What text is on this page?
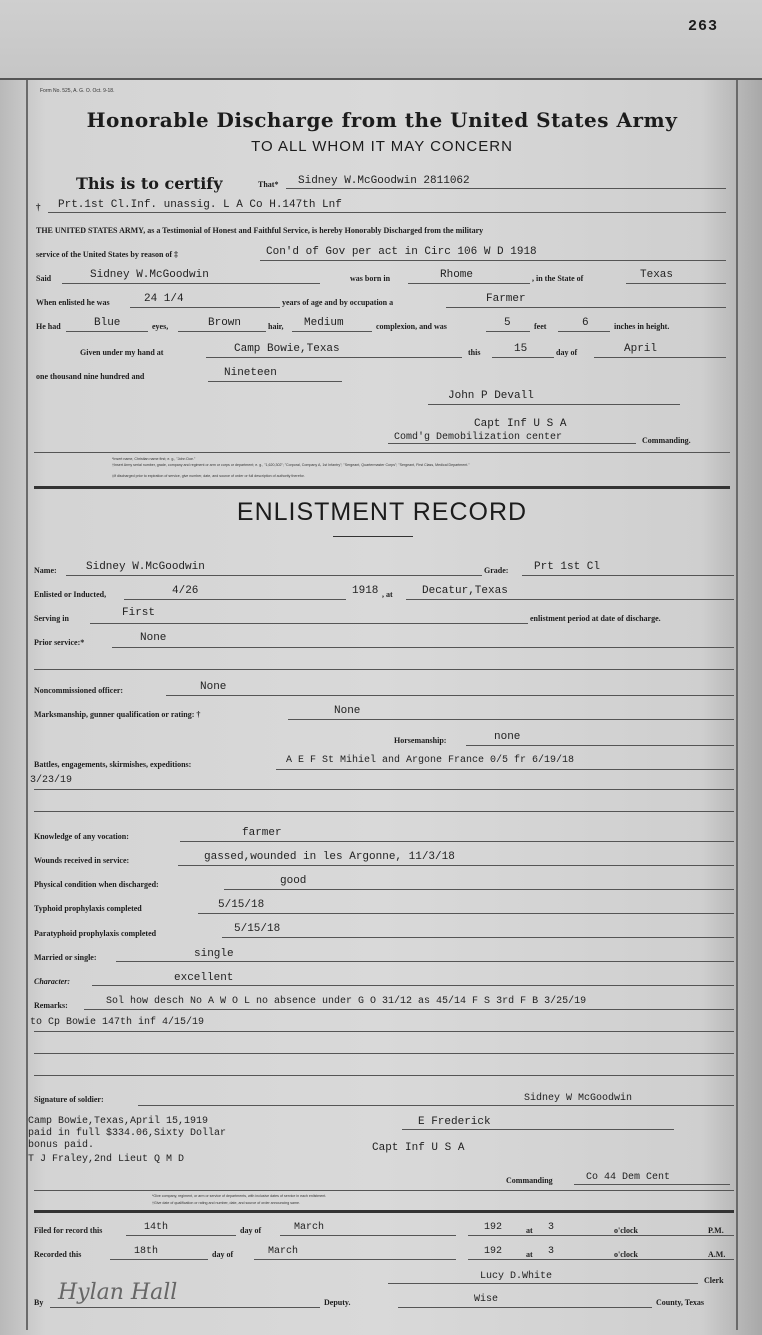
263
Form No. 525, A. G. O. Oct. 9-18.
Honorable Discharge from the United States Army
TO ALL WHOM IT MAY CONCERN
This is to certify	That* Sidney W.McGoodwin 2811062
† Prt.1st Cl.Inf. unassig. L A Co H.147th Lnf
THE UNITED STATES ARMY, as a Testimonial of Honest and Faithful Service, is hereby Honorably Discharged from the military
service of the United States by reason of ‡	Con'd of Gov per act in Circ 106 W D 1918
Said	Sidney W.McGoodwin	was born in	Rhome	, in the State of	Texas
When enlisted he was	24 1/4	years of age and by occupation a	Farmer
He had	Blue	eyes,	Brown	hair, Medium	complexion, and was	5	feet	6	inches in height.
Given under my hand at	Camp Bowie,Texas	this	15	day of	April
one thousand nine hundred and	Nineteen
John P Devall
Capt Inf U S A
Comd'g Demobilization center	Commanding.
*Insert name, Christian name first; e. g., "John Doe."
†Insert Army serial number, grade, company and regiment or arm or corps or department; e. g., "1,620,302"; "Corporal, Company A, 1st Infantry"; "Sergeant, Quartermaster Corps"; "Sergeant, First Class, Medical Department."
‡If discharged prior to expiration of service, give number, date, and source of order or full description of authority therefor.
ENLISTMENT RECORD
Name:	Sidney W.McGoodwin	Grade: Prt 1st Cl
Enlisted or Inducted,	4/26	1918 , at	Decatur,Texas
Serving in	First	enlistment period at date of discharge.
Prior service:*	None
Noncommissioned officer:	None
Marksmanship, gunner qualification or rating: †	None
Horsemanship:	none
Battles, engagements, skirmishes, expeditions:	A E F St Mihiel and Argone France 0/5 fr 6/19/18
3/23/19
Knowledge of any vocation:	farmer
Wounds received in service:	gassed,wounded in les Argonne, 11/3/18
Physical condition when discharged:	good
Typhoid prophylaxis completed	5/15/18
Paratyphoid prophylaxis completed	5/15/18
Married or single:	single
Character:	excellent
Remarks:	Sol how desch No A W O L no absence under G O 31/12 as 45/14 F S 3rd F B 3/25/19
to Cp Bowie 147th inf 4/15/19
Signature of soldier:	Sidney W McGoodwin
Camp Bowie,Texas,April 15,1919
paid in full $334.06,Sixty Dollar
bonus paid.
T J Fraley,2nd Lieut Q M D
E Frederick
Capt Inf U S A
Commanding	Co 44 Dem Cent
*Give company, regiment, or arm or service of departments, with inclusive dates of service in each enlistment.
†Give date of qualification or rating and number, date, and source of order announcing same.
Filed for record this	14th	day of	March	192	at 3	o'clock	P.M.
Recorded this	18th	day of	March	192	at 3	o'clock	A.M.
Lucy D.White	Clerk
By Hylan Hall	Deputy.	Wise	County, Texas
